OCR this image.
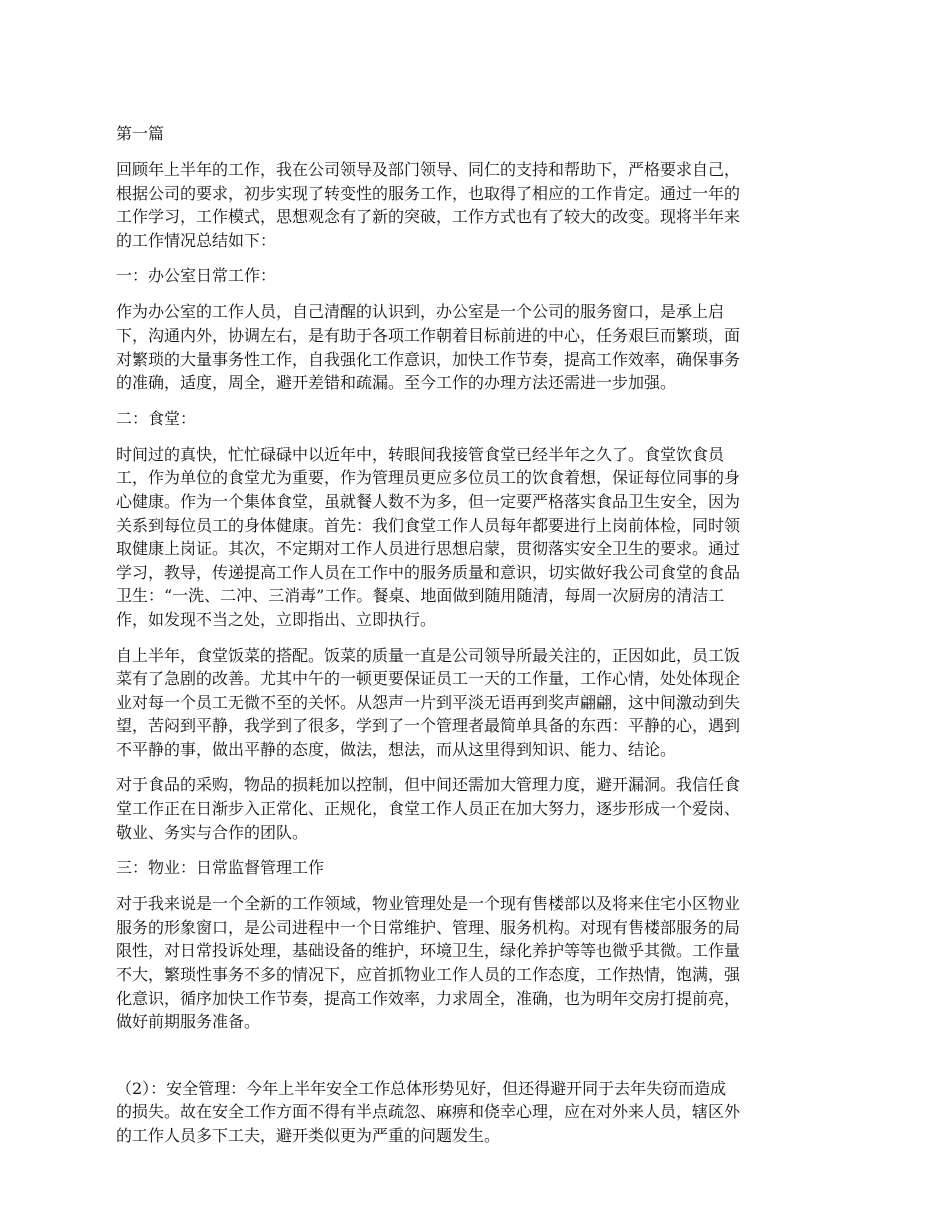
第一篇
回顾年上半年的工作，我在公司领导及部门领导、同仁的支持和帮助下，严格要求自己，
根据公司的要求，初步实现了转变性的服务工作，也取得了相应的工作肯定。通过一年的
工作学习，工作模式，思想观念有了新的突破，工作方式也有了较大的改变。现将半年来
的工作情况总结如下：
一：办公室日常工作：
作为办公室的工作人员，自己清醒的认识到，办公室是一个公司的服务窗口，是承上启
下，沟通内外，协调左右，是有助于各项工作朝着目标前进的中心，任务艰巨而繁琐，面
对繁琐的大量事务性工作，自我强化工作意识，加快工作节奏，提高工作效率，确保事务
的准确，适度，周全，避开差错和疏漏。至今工作的办理方法还需进一步加强。
二：食堂：
时间过的真快，忙忙碌碌中以近年中，转眼间我接管食堂已经半年之久了。食堂饮食员
工，作为单位的食堂尤为重要，作为管理员更应多位员工的饮食着想，保证每位同事的身
心健康。作为一个集体食堂，虽就餐人数不为多，但一定要严格落实食品卫生安全，因为
关系到每位员工的身体健康。首先：我们食堂工作人员每年都要进行上岗前体检，同时领
取健康上岗证。其次，不定期对工作人员进行思想启蒙，贯彻落实安全卫生的要求。通过
学习，教导，传递提高工作人员在工作中的服务质量和意识，切实做好我公司食堂的食品
卫生：“一洗、二冲、三消毒”工作。餐桌、地面做到随用随清，每周一次厨房的清洁工
作，如发现不当之处，立即指出、立即执行。
自上半年，食堂饭菜的搭配。饭菜的质量一直是公司领导所最关注的，正因如此，员工饭
菜有了急剧的改善。尤其中午的一顿更要保证员工一天的工作量，工作心情，处处体现企
业对每一个员工无微不至的关怀。从怨声一片到平淡无语再到奖声翩翩，这中间激动到失
望，苦闷到平静，我学到了很多，学到了一个管理者最简单具备的东西：平静的心，遇到
不平静的事，做出平静的态度，做法，想法，而从这里得到知识、能力、结论。
对于食品的采购，物品的损耗加以控制，但中间还需加大管理力度，避开漏洞。我信任食
堂工作正在日渐步入正常化、正规化，食堂工作人员正在加大努力，逐步形成一个爱岗、
敬业、务实与合作的团队。
三：物业：日常监督管理工作
对于我来说是一个全新的工作领域，物业管理处是一个现有售楼部以及将来住宅小区物业
服务的形象窗口，是公司进程中一个日常维护、管理、服务机构。对现有售楼部服务的局
限性，对日常投诉处理，基础设备的维护，环境卫生，绿化养护等等也微乎其微。工作量
不大，繁琐性事务不多的情况下，应首抓物业工作人员的工作态度，工作热情，饱满，强
化意识，循序加快工作节奏，提高工作效率，力求周全，准确，也为明年交房打提前亮，
做好前期服务准备。
（2）：安全管理：今年上半年安全工作总体形势见好，但还得避开同于去年失窃而造成
的损失。故在安全工作方面不得有半点疏忽、麻痹和侥幸心理，应在对外来人员，辖区外
的工作人员多下工夫，避开类似更为严重的问题发生。
